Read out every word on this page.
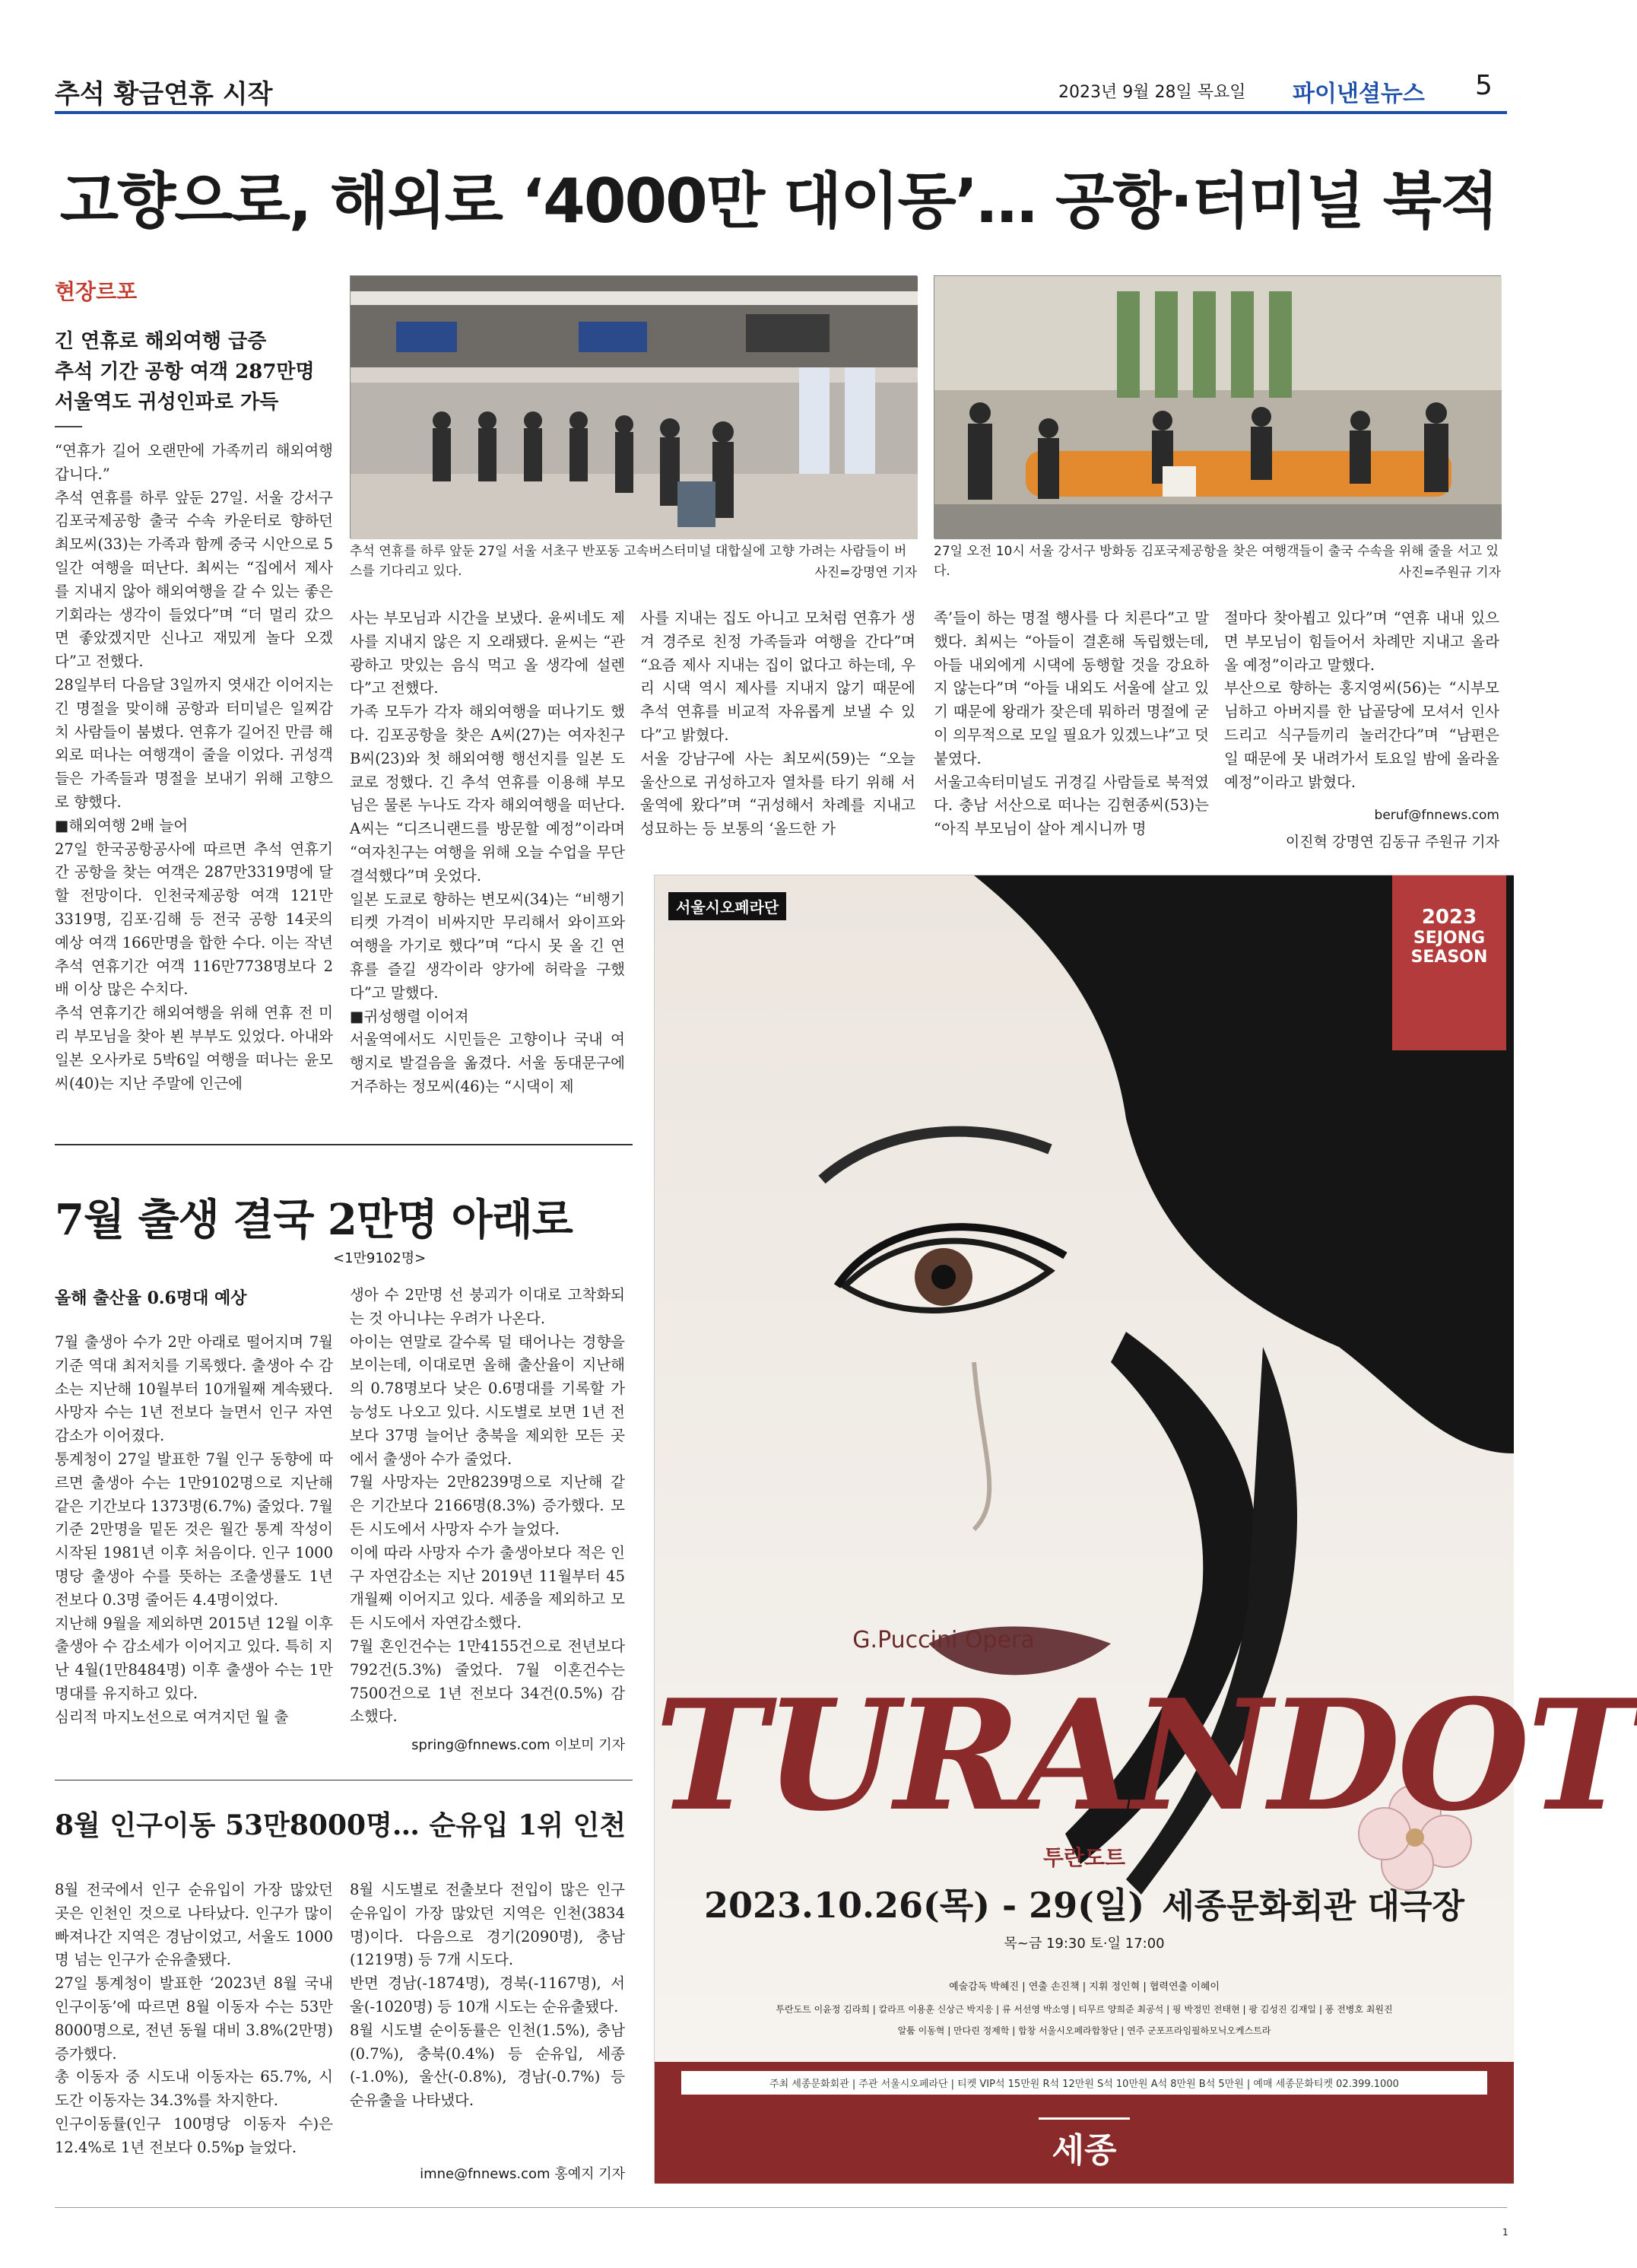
추석 황금연휴 시작	2023년 9월 28일 목요일 파이낸셜뉴스 5
고향으로, 해외로 ‘4000만 대이동’… 공항·터미널 북적
현장르포
긴 연휴로 해외여행 급증
추석 기간 공항 여객 287만명
서울역도 귀성인파로 가득
“연휴가 길어 오랜만에 가족끼리 해외여행 갑니다.”
추석 연휴를 하루 앞둔 27일. 서울 강서구 김포국제공항 출국 수속 카운터로 향하던 최모씨(33)는 가족과 함께 중국 시안으로 5일간 여행을 떠난다. 최씨는 “집에서 제사를 지내지 않아 해외여행을 갈 수 있는 좋은 기회라는 생각이 들었다”며 “더 멀리 갔으면 좋았겠지만 신나고 재밌게 놀다 오겠다”고 전했다.
28일부터 다음달 3일까지 엿새간 이어지는 긴 명절을 맞이해 공항과 터미널은 일찌감치 사람들이 붐볐다. 연휴가 길어진 만큼 해외로 떠나는 여행객이 줄을 이었다. 귀성객들은 가족들과 명절을 보내기 위해 고향으로 향했다.
■해외여행 2배 늘어
27일 한국공항공사에 따르면 추석 연휴기간 공항을 찾는 여객은 287만3319명에 달할 전망이다. 인천국제공항 여객 121만3319명, 김포·김해 등 전국 공항 14곳의 예상 여객 166만명을 합한 수다. 이는 작년 추석 연휴기간 여객 116만7738명보다 2배 이상 많은 수치다.
추석 연휴기간 해외여행을 위해 연휴 전 미리 부모님을 찾아 뵌 부부도 있었다. 아내와 일본 오사카로 5박6일 여행을 떠나는 윤모씨(40)는 지난 주말에 인근에
추석 연휴를 하루 앞둔 27일 서울 서초구 반포동 고속버스터미널 대합실에 고향 가려는 사람들이 버스를 기다리고 있다.	사진=강명연 기자
27일 오전 10시 서울 강서구 방화동 김포국제공항을 찾은 여행객들이 출국 수속을 위해 줄을 서고 있다.	사진=주원규 기자
사는 부모님과 시간을 보냈다. 윤씨네도 제사를 지내지 않은 지 오래됐다. 윤씨는 “관광하고 맛있는 음식 먹고 올 생각에 설렌다”고 전했다.
가족 모두가 각자 해외여행을 떠나기도 했다. 김포공항을 찾은 A씨(27)는 여자친구 B씨(23)와 첫 해외여행 행선지를 일본 도쿄로 정했다. 긴 추석 연휴를 이용해 부모님은 물론 누나도 각자 해외여행을 떠난다. A씨는 “디즈니랜드를 방문할 예정”이라며 “여자친구는 여행을 위해 오늘 수업을 무단결석했다”며 웃었다.
일본 도쿄로 향하는 변모씨(34)는 “비행기 티켓 가격이 비싸지만 무리해서 와이프와 여행을 가기로 했다”며 “다시 못 올 긴 연휴를 즐길 생각이라 양가에 허락을 구했다”고 말했다.
■귀성행렬 이어져
서울역에서도 시민들은 고향이나 국내 여행지로 발걸음을 옮겼다. 서울 동대문구에 거주하는 정모씨(46)는 “시댁이 제
사를 지내는 집도 아니고 모처럼 연휴가 생겨 경주로 친정 가족들과 여행을 간다”며 “요즘 제사 지내는 집이 없다고 하는데, 우리 시댁 역시 제사를 지내지 않기 때문에 추석 연휴를 비교적 자유롭게 보낼 수 있다”고 밝혔다.
서울 강남구에 사는 최모씨(59)는 “오늘 울산으로 귀성하고자 열차를 타기 위해 서울역에 왔다”며 “귀성해서 차례를 지내고 성묘하는 등 보통의 ‘올드한 가
족’들이 하는 명절 행사를 다 치른다”고 말했다. 최씨는 “아들이 결혼해 독립했는데, 아들 내외에게 시댁에 동행할 것을 강요하지 않는다”며 “아들 내외도 서울에 살고 있기 때문에 왕래가 잦은데 뭐하러 명절에 굳이 의무적으로 모일 필요가 있겠느냐”고 덧붙였다.
서울고속터미널도 귀경길 사람들로 북적였다. 충남 서산으로 떠나는 김현종씨(53)는 “아직 부모님이 살아 계시니까 명
절마다 찾아뵙고 있다”며 “연휴 내내 있으면 부모님이 힘들어서 차례만 지내고 올라올 예정”이라고 말했다.
부산으로 향하는 홍지영씨(56)는 “시부모님하고 아버지를 한 납골당에 모셔서 인사 드리고 식구들끼리 놀러간다”며 “남편은 일 때문에 못 내려가서 토요일 밤에 올라올 예정”이라고 밝혔다.
beruf@fnnews.com
이진혁 강명연 김동규 주원규 기자
7월 출생 결국 2만명 아래로
<1만9102명>
올해 출산율 0.6명대 예상
7월 출생아 수가 2만 아래로 떨어지며 7월 기준 역대 최저치를 기록했다. 출생아 수 감소는 지난해 10월부터 10개월째 계속됐다. 사망자 수는 1년 전보다 늘면서 인구 자연감소가 이어졌다.
통계청이 27일 발표한 7월 인구 동향에 따르면 출생아 수는 1만9102명으로 지난해 같은 기간보다 1373명(6.7%) 줄었다. 7월 기준 2만명을 밑돈 것은 월간 통계 작성이 시작된 1981년 이후 처음이다. 인구 1000명당 출생아 수를 뜻하는 조출생률도 1년 전보다 0.3명 줄어든 4.4명이었다.
지난해 9월을 제외하면 2015년 12월 이후 출생아 수 감소세가 이어지고 있다. 특히 지난 4월(1만8484명) 이후 출생아 수는 1만명대를 유지하고 있다.
심리적 마지노선으로 여겨지던 월 출
생아 수 2만명 선 붕괴가 이대로 고착화되는 것 아니냐는 우려가 나온다.
아이는 연말로 갈수록 덜 태어나는 경향을 보이는데, 이대로면 올해 출산율이 지난해의 0.78명보다 낮은 0.6명대를 기록할 가능성도 나오고 있다. 시도별로 보면 1년 전보다 37명 늘어난 충북을 제외한 모든 곳에서 출생아 수가 줄었다.
7월 사망자는 2만8239명으로 지난해 같은 기간보다 2166명(8.3%) 증가했다. 모든 시도에서 사망자 수가 늘었다.
이에 따라 사망자 수가 출생아보다 적은 인구 자연감소는 지난 2019년 11월부터 45개월째 이어지고 있다. 세종을 제외하고 모든 시도에서 자연감소했다.
7월 혼인건수는 1만4155건으로 전년보다 792건(5.3%) 줄었다. 7월 이혼건수는 7500건으로 1년 전보다 34건(0.5%) 감소했다.
spring@fnnews.com 이보미 기자
8월 인구이동 53만8000명… 순유입 1위 인천
8월 전국에서 인구 순유입이 가장 많았던 곳은 인천인 것으로 나타났다. 인구가 많이 빠져나간 지역은 경남이었고, 서울도 1000명 넘는 인구가 순유출됐다.
27일 통계청이 발표한 ‘2023년 8월 국내인구이동’에 따르면 8월 이동자 수는 53만8000명으로, 전년 동월 대비 3.8%(2만명) 증가했다.
총 이동자 중 시도내 이동자는 65.7%, 시도간 이동자는 34.3%를 차지한다.
인구이동률(인구 100명당 이동자 수)은 12.4%로 1년 전보다 0.5%p 늘었다.
8월 시도별로 전출보다 전입이 많은 인구 순유입이 가장 많았던 지역은 인천(3834명)이다. 다음으로 경기(2090명), 충남(1219명) 등 7개 시도다.
반면 경남(-1874명), 경북(-1167명), 서울(-1020명) 등 10개 시도는 순유출됐다.
8월 시도별 순이동률은 인천(1.5%), 충남(0.7%), 충북(0.4%) 등 순유입, 세종(-1.0%), 울산(-0.8%), 경남(-0.7%) 등 순유출을 나타냈다.
imne@fnnews.com 홍예지 기자
서울시오페라단	2023
SEJONG
SEASON
G.Puccini Opera
TURANDOT
투란도트
2023.10.26(목) - 29(일) 세종문화회관 대극장
목~금 19:30 토·일 17:00
예술감독 박혜진 | 연출 손진책 | 지휘 정인혁 | 협력연출 이혜이
투란도트 이윤정 김라희 | 칼라프 이용훈 신상근 박지응 | 류 서선영 박소영 | 티무르 양희준 최공석 | 핑 박정민 전태현 | 팡 김성진 김재일 | 퐁 전병호 최원진
알툼 이동혁 | 만다린 정제학 | 합창 서울시오페라합창단 | 연주 군포프라임필하모닉오케스트라
주최 세종문화회관 | 주관 서울시오페라단 | 티켓 VIP석 15만원 R석 12만원 S석 10만원 A석 8만원 B석 5만원 | 예매 세종문화티켓 02.399.1000
세종
1
